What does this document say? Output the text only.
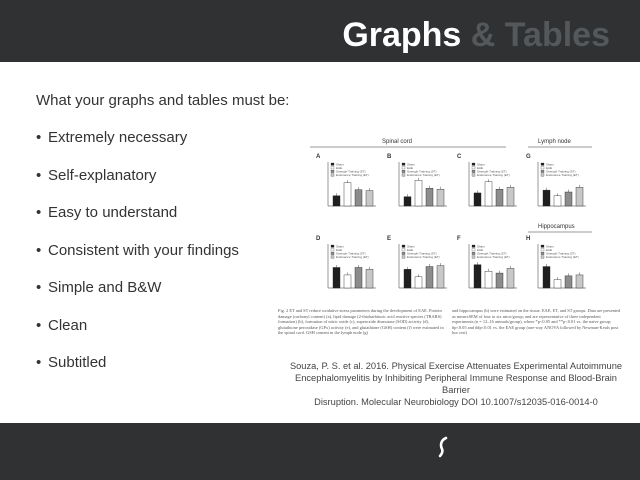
Graphs & Tables
What your graphs and tables must be:
• Extremely necessary
• Self-explanatory
• Easy to understand
• Consistent with your findings
• Simple and B&W
• Clean
• Subtitled
Spinal cord	Lymph node
Hippocampus
A	B	C	G
D	E	F	H
Sham
EAE
Strength Training (ST)
Endurance Training (ET)
Sham
EAE
Strength Training (ST)
Endurance Training (ET)
Sham
EAE
Strength Training (ST)
Endurance Training (ET)
Sham
EAE
Strength Training (ST)
Endurance Training (ET)
Sham
EAE
Strength Training (ST)
Endurance Training (ET)
Sham
EAE
Strength Training (ST)
Endurance Training (ET)
Sham
EAE
Strength Training (ST)
Endurance Training (ET)
Sham
EAE
Strength Training (ST)
Endurance Training (ET)
Fig. 2 ET and ST reduce oxidative stress parameters during the development of EAE. Protein damage (carbonyl content) (a), lipid damage (2-thiobarbituric acid reactive species (TBARS) formation) (b), formation of nitric oxide (c), superoxide dismutase (SOD) activity (d), glutathione peroxidase (GPx) activity (e), and glutathione (GSH) content (f) were estimated in the spinal cord. GSH content in the lymph node (g)
and hippocampus (h) were estimated on the tissue. EAE, ET, and ST groups. Data are presented as mean±SEM of four to six mice/group; and are representative of three independent experiments (n = 12–16 animals/group), where *p<0.05 and **p<0.01 vs. the naïve group; #p<0.05 and ##p<0.01 vs. the EAE group (one-way ANOVA followed by Newman-Keuls post hoc test)
Souza, P. S. et al. 2016. Physical Exercise Attenuates Experimental Autoimmune
Encephalomyelitis by Inhibiting Peripheral Immune Response and Blood-Brain Barrier
Disruption. Molecular Neurobiology DOI 10.1007/s12035-016-0014-0
